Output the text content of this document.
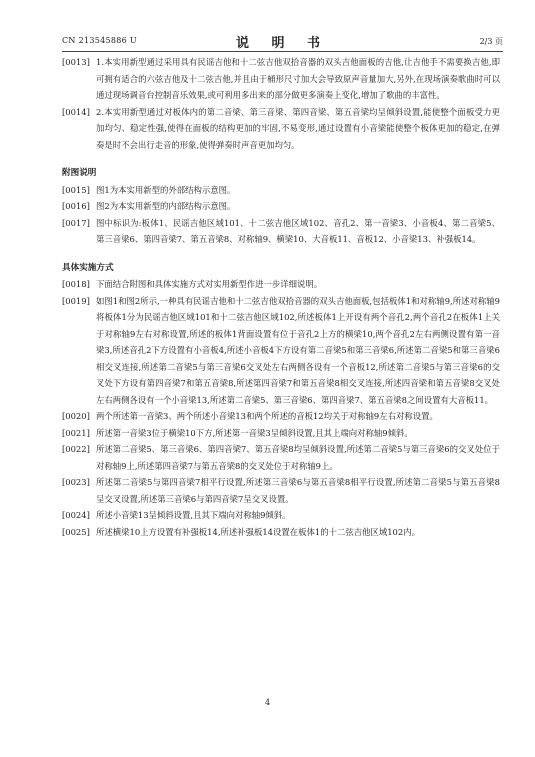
CN 213545886 U	说 明 书	2/3 页
[0013] 1.本实用新型通过采用具有民谣吉他和十二弦吉他双拾音器的双头吉他面板的吉他,让吉他手不需要换吉他,即可拥有适合的六弦吉他及十二弦吉他,并且由于桶形尺寸加大会导致原声音量加大,另外,在现场演奏歌曲时可以通过现场调音台控制音乐效果,或可利用多出来的部分做更多演奏上变化,增加了歌曲的丰富性。
[0014] 2.本实用新型通过对板体内的第二音梁、第三音梁、第四音梁、第五音梁均呈倾斜设置,能使整个面板受力更加均匀、稳定性强,使得在面板的结构更加的牢固,不易变形,通过设置有小音梁能使整个板体更加的稳定,在弹奏是时不会出行走音的形象,使得弹奏时声音更加均匀。
附图说明
[0015] 图1为本实用新型的外部结构示意图。
[0016] 图2为本实用新型的内部结构示意图。
[0017] 图中标识为:板体1、民谣吉他区域101、十二弦吉他区域102、音孔2、第一音梁3、小音板4、第二音梁5、第三音梁6、第四音梁7、第五音梁8、对称轴9、横梁10、大音板11、音板12、小音梁13、补强板14。
具体实施方式
[0018] 下面结合附图和具体实施方式对实用新型作进一步详细说明。
[0019] 如图1和图2所示,一种具有民谣吉他和十二弦吉他双拾音器的双头吉他面板,包括板体1和对称轴9,所述对称轴9将板体1分为民谣吉他区域101和十二弦吉他区域102,所述板体1上开设有两个音孔2,两个音孔2在板体1上关于对称轴9左右对称设置,所述的板体1背面设置有位于音孔2上方的横梁10,两个音孔2左右两侧设置有第一音梁3,所述音孔2下方设置有小音板4,所述小音板4下方设有第二音梁5和第三音梁6,所述第二音梁5和第三音梁6相交叉连接,所述第二音梁5与第三音梁6交叉处左右两侧各设有一个音板12,所述第二音梁5与第三音梁6的交叉处下方设有第四音梁7和第五音梁8,所述第四音梁7和第五音梁8相交叉连接,所述四音梁和第五音梁8交叉处左右两侧各设有一个小音梁13,所述第二音梁5、第三音梁6、第四音梁7、第五音梁8之间设置有大音板11。
[0020] 两个所述第一音梁3、两个所述小音梁13和两个所述的音板12均关于对称轴9左右对称设置。
[0021] 所述第一音梁3位于横梁10下方,所述第一音梁3呈倾斜设置,且其上端向对称轴9倾斜。
[0022] 所述第二音梁5、第三音梁6、第四音梁7、第五音梁8均呈倾斜设置,所述第二音梁5与第三音梁6的交叉处位于对称轴9上,所述第四音梁7与第五音梁8的交叉处位于对称轴9上。
[0023] 所述第二音梁5与第四音梁7相平行设置,所述第三音梁6与第五音梁8相平行设置,所述第二音梁5与第五音梁8呈交叉设置,所述第三音梁6与第四音梁7呈交叉设置。
[0024] 所述小音梁13呈倾斜设置,且其下端向对称轴9倾斜。
[0025] 所述横梁10上方设置有补强板14,所述补强板14设置在板体1的十二弦吉他区域102内。
4
